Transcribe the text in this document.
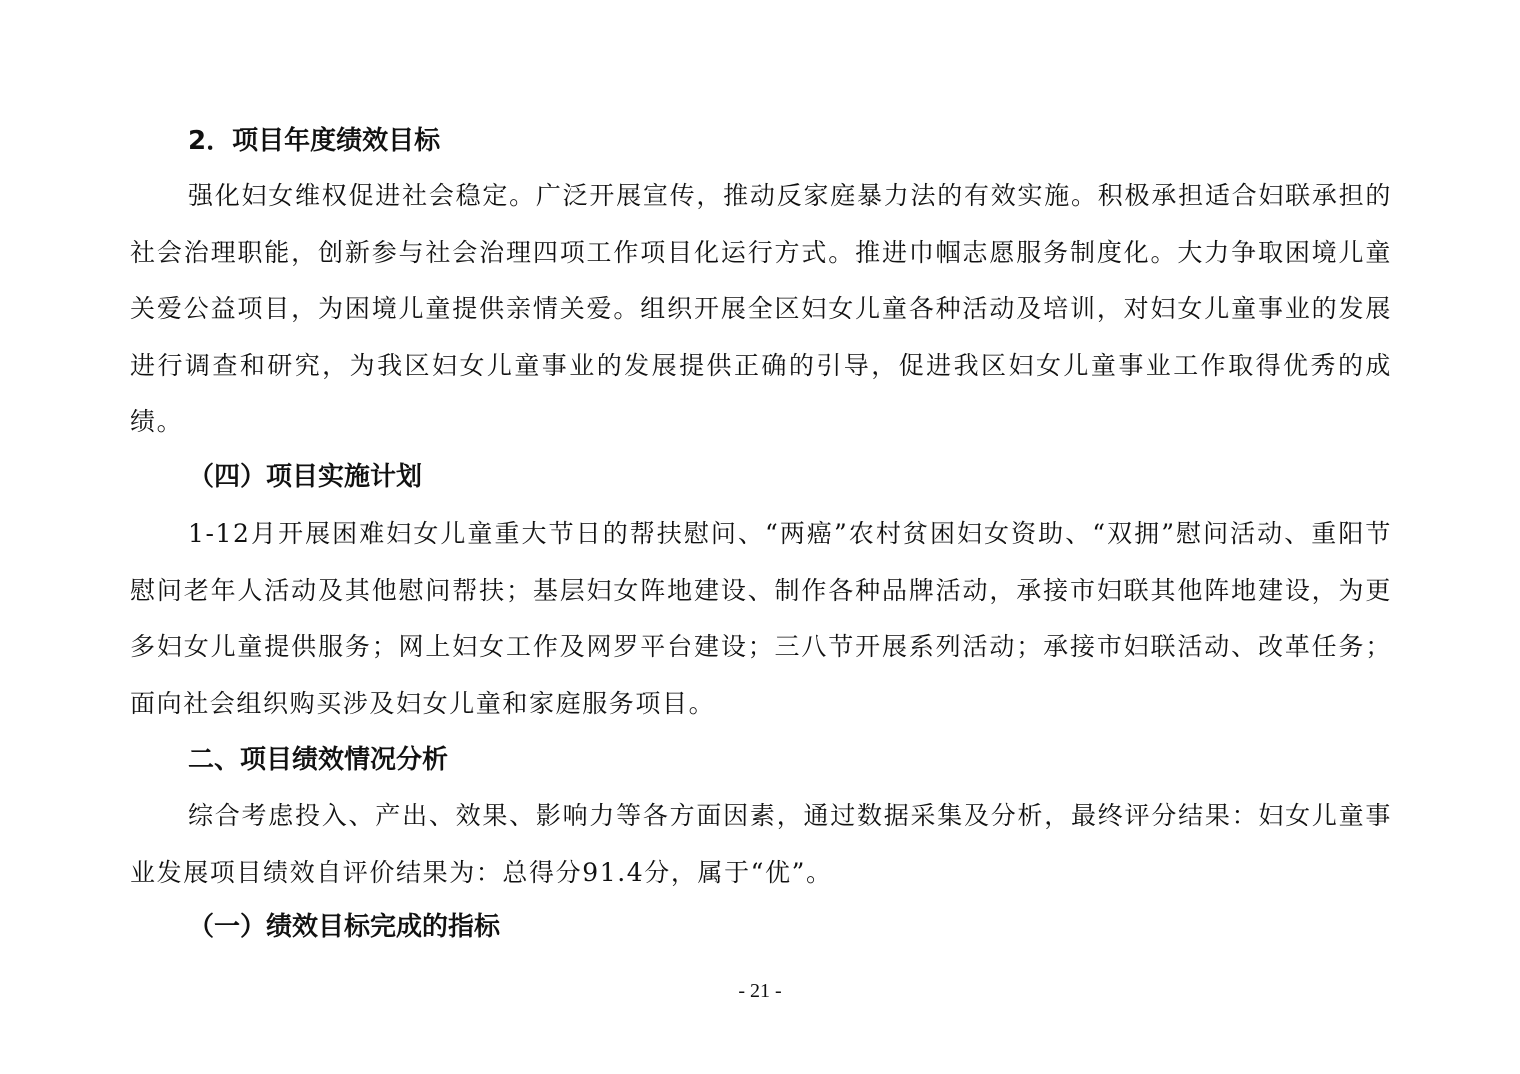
2．项目年度绩效目标

强化妇女维权促进社会稳定。广泛开展宣传，推动反家庭暴力法的有效实施。积极承担适合妇联承担的社会治理职能，创新参与社会治理四项工作项目化运行方式。推进巾帼志愿服务制度化。大力争取困境儿童关爱公益项目，为困境儿童提供亲情关爱。组织开展全区妇女儿童各种活动及培训，对妇女儿童事业的发展进行调查和研究，为我区妇女儿童事业的发展提供正确的引导，促进我区妇女儿童事业工作取得优秀的成绩。

（四）项目实施计划

1-12月开展困难妇女儿童重大节日的帮扶慰问、“两癌”农村贫困妇女资助、“双拥”慰问活动、重阳节慰问老年人活动及其他慰问帮扶；基层妇女阵地建设、制作各种品牌活动，承接市妇联其他阵地建设，为更多妇女儿童提供服务；网上妇女工作及网罗平台建设；三八节开展系列活动；承接市妇联活动、改革任务；面向社会组织购买涉及妇女儿童和家庭服务项目。

二、项目绩效情况分析

综合考虑投入、产出、效果、影响力等各方面因素，通过数据采集及分析，最终评分结果：妇女儿童事业发展项目绩效自评价结果为：总得分91.4分，属于“优”。

（一）绩效目标完成的指标
- 21 -
